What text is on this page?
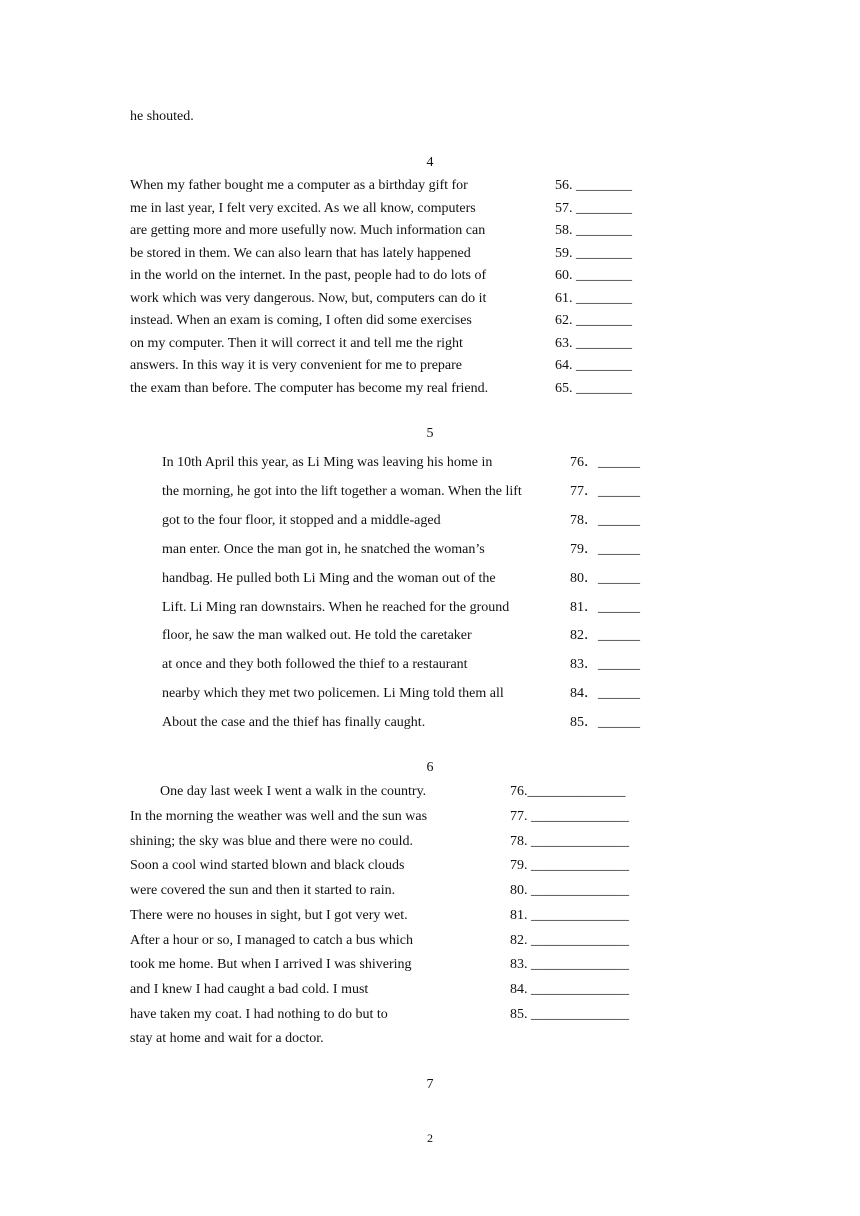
he shouted.
4
When my father bought me a computer as a birthday gift for
me in last year, I felt very excited. As we all know, computers
are getting more and more usefully now. Much information can
be stored in them. We can also learn that has lately happened
in the world on the internet. In the past, people had to do lots of
work which was very dangerous. Now, but, computers can do it
instead. When an exam is coming, I often did some exercises
on my computer. Then it will correct it and tell me the right
answers. In this way it is very convenient for me to prepare
the exam than before. The computer has become my real friend.
56. ________
57. ________
58. ________
59. ________
60. ________
61. ________
62. ________
63. ________
64. ________
65. ________
5
In 10th April this year, as Li Ming was leaving his home in
the morning, he got into the lift together a woman. When the lift
got to the four floor, it stopped and a middle-aged
man enter. Once the man got in, he snatched the woman’s
handbag. He pulled both Li Ming and the woman out of the
Lift. Li Ming ran downstairs. When he reached for the ground
floor, he saw the man walked out. He told the caretaker
at once and they both followed the thief to a restaurant
nearby which they met two policemen. Li Ming told them all
About the case and the thief has finally caught.
76．______
77．______
78．______
79．______
80．______
81．______
82．______
83．______
84．______
85．______
6
One day last week I went a walk in the country.
In the morning the weather was well and the sun was
shining; the sky was blue and there were no could.
Soon a cool wind started blown and black clouds
were covered the sun and then it started to rain.
There were no houses in sight, but I got very wet.
After a hour or so, I managed to catch a bus which
took me home. But when I arrived I was shivering
and I knew I had caught a bad cold. I must
have taken my coat. I had nothing to do but to
stay at home and wait for a doctor.
76.______________
77. ______________
78. ______________
79. ______________
80. ______________
81. ______________
82. ______________
83. ______________
84. ______________
85. ______________
7
2
